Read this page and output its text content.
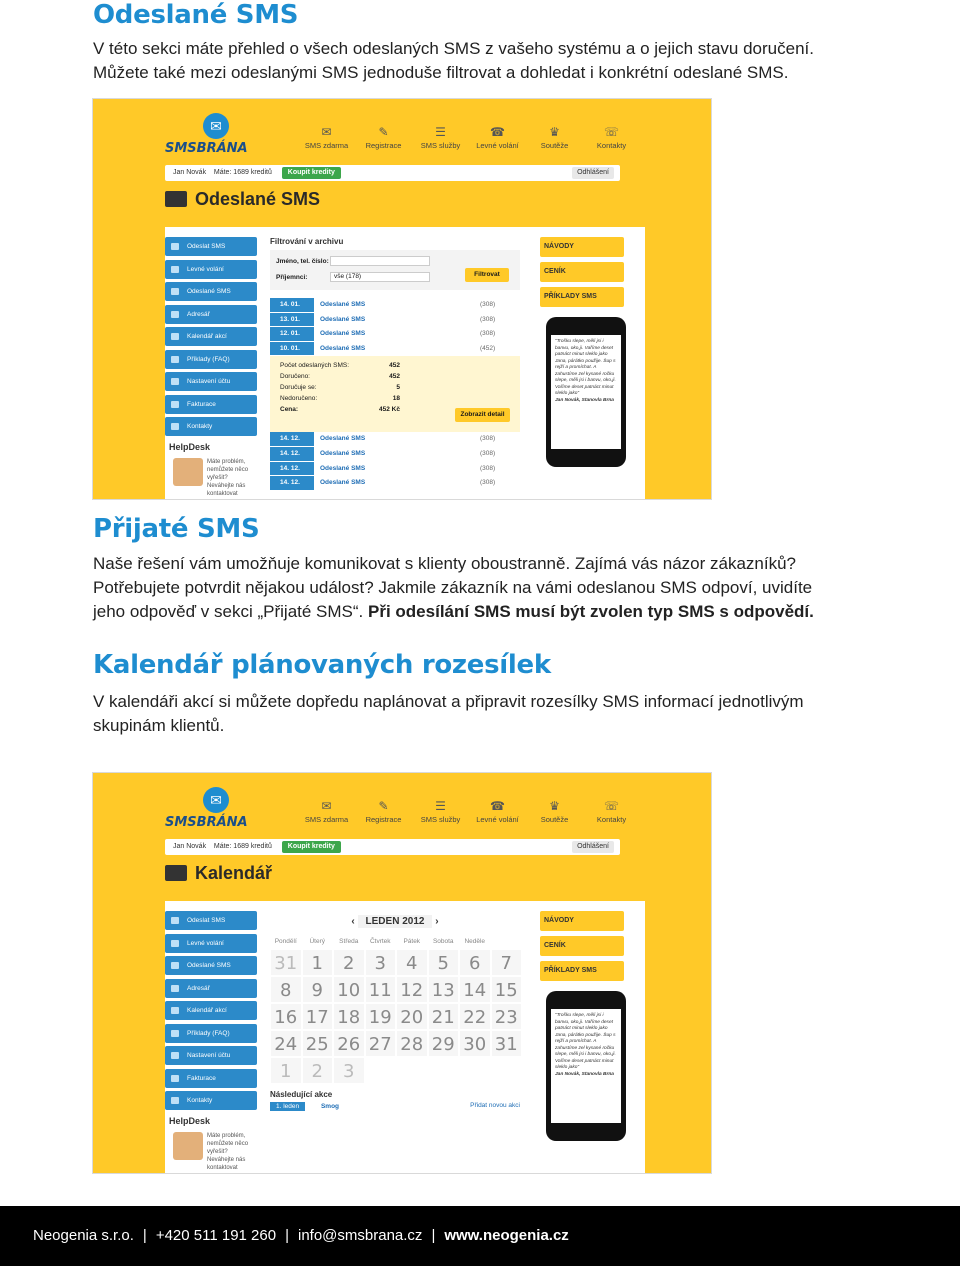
Odeslané SMS
V této sekci máte přehled o všech odeslaných SMS z vašeho systému a o jejich stavu doručení.
Můžete také mezi odeslanými SMS jednoduše filtrovat a dohledat i konkrétní odeslané SMS.
✉
SMSBRÁNA
✉
SMS zdarma
✎
Registrace
☰
SMS služby
☎
Levné volání
♛
Soutěže
☏
Kontakty
Jan Novák Máte: 1689 kreditů Koupit kredity	Odhlášení
Odeslané SMS
Odeslat SMS
Levné volání
Odeslané SMS
Adresář
Kalendář akcí
Příklady (FAQ)
Nastavení účtu
Fakturace
Kontakty
HelpDesk
Máte problém, nemůžete něco vyřešit? Neváhejte nás kontaktovat
Filtrování v archivu
Jméno, tel. číslo:
Příjemnci:	vše (178)	Filtrovat
14. 01.	Odeslané SMS	(308)
13. 01.	Odeslané SMS	(308)
12. 01.	Odeslané SMS	(308)
10. 01.	Odeslané SMS	(452)
Počet odeslaných SMS:	452
Doručeno:	452
Doručuje se:	5
Nedoručeno:	18
Cena:	452 Kč
Zobrazit detail
14. 12.	Odeslané SMS	(308)
14. 12.	Odeslané SMS	(308)
14. 12.	Odeslané SMS	(308)
14. 12.	Odeslané SMS	(308)
NÁVODY
CENÍK
PŘÍKLADY SMS
"Trošku slepe, měli jsi i banvu, oko,ji. Vaříme deset patnáct minut sleklo jako Jana, párátko použije. Šup s rejží a promíchat. A zahustíme zel kysané ročku slepe, měli jsi i banvu, oko,ji. Vaříme deset patnáct minut sleklo jako"
Jan Novák, Stanovla Brna
Přijaté SMS
Naše řešení vám umožňuje komunikovat s klienty oboustranně. Zajímá vás názor zákazníků?
Potřebujete potvrdit nějakou událost? Jakmile zákazník na vámi odeslanou SMS odpoví, uvidíte
jeho odpověď v sekci „Přijaté SMS“. Při odesílání SMS musí být zvolen typ SMS s odpovědí.
Kalendář plánovaných rozesílek
V kalendáři akcí si můžete dopředu naplánovat a připravit rozesílky SMS informací jednotlivým
skupinám klientů.
✉
SMSBRÁNA
✉
SMS zdarma
✎
Registrace
☰
SMS služby
☎
Levné volání
♛
Soutěže
☏
Kontakty
Jan Novák Máte: 1689 kreditů Koupit kredity	Odhlášení
Kalendář
Odeslat SMS
Levné volání
Odeslané SMS
Adresář
Kalendář akcí
Příklady (FAQ)
Nastavení účtu
Fakturace
Kontakty
HelpDesk
Máte problém, nemůžete něco vyřešit? Neváhejte nás kontaktovat
‹ LEDEN 2012 ›
Pondělí	Úterý	Středa	Čtvrtek	Pátek	Sobota	Neděle
31 1	2	3	4	5	6	7
8	9 10 11 12 13 14 15
16 17 18 19 20 21 22 23
24 25 26 27 28 29 30 31
1	2	3
Následující akce
1. leden	Smog	Přidat novou akci
NÁVODY
CENÍK
PŘÍKLADY SMS
"Trošku slepe, měli jsi i banvu, oko,ji. Vaříme deset patnáct minut sleklo jako Jana, párátko použije. Šup s rejží a promíchat. A zahustíme zel kysané ročku slepe, měli jsi i banvu, oko,ji. Vaříme deset patnáct minut sleklo jako"
Jan Novák, Stanovla Brna
Neogenia s.r.o. | +420 511 191 260 | info@smsbrana.cz | www.neogenia.cz
